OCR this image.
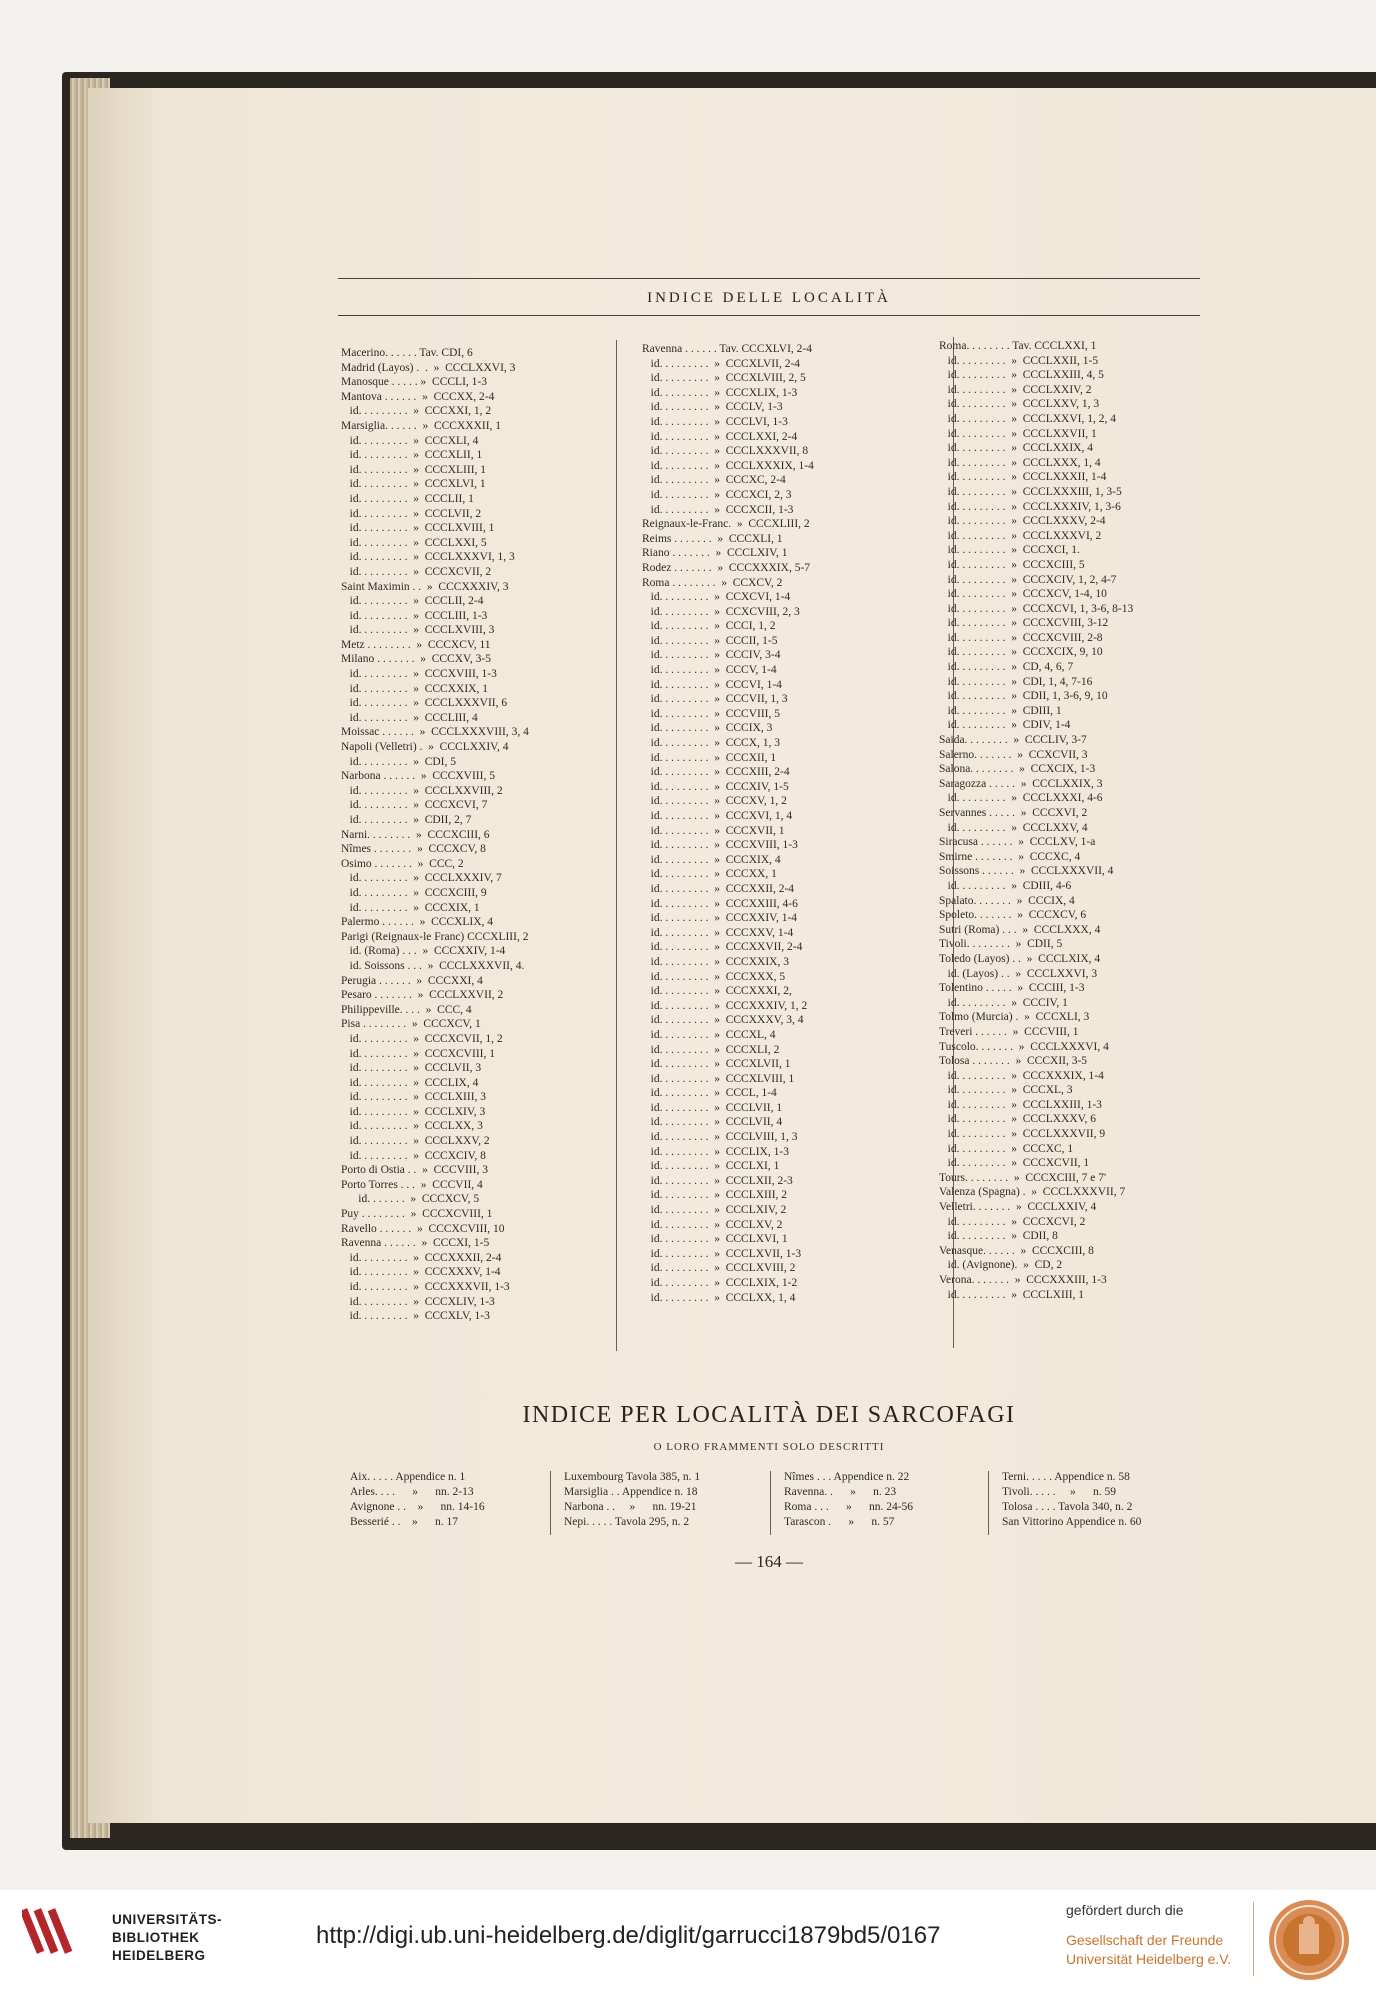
INDICE DELLE LOCALITÀ
Macerino. . . . . . Tav. CDI, 6
Madrid (Layos) .  .  »  CCCLXXVI, 3
Manosque . . . . . »  CCCLI, 1-3
Mantova . . . . . .  »  CCCXX, 2-4
id. . . . . . . . .  »  CCCXXI, 1, 2
Marsiglia. . . . . .  »  CCCXXXII, 1
id. . . . . . . . .  »  CCCXLI, 4
id. . . . . . . . .  »  CCCXLII, 1
id. . . . . . . . .  »  CCCXLIII, 1
id. . . . . . . . .  »  CCCXLVI, 1
id. . . . . . . . .  »  CCCLII, 1
id. . . . . . . . .  »  CCCLVII, 2
id. . . . . . . . .  »  CCCLXVIII, 1
id. . . . . . . . .  »  CCCLXXI, 5
id. . . . . . . . .  »  CCCLXXXVI, 1, 3
id. . . . . . . . .  »  CCCXCVII, 2
Saint Maximin . .  »  CCCXXXIV, 3
id. . . . . . . . .  »  CCCLII, 2-4
id. . . . . . . . .  »  CCCLIII, 1-3
id. . . . . . . . .  »  CCCLXVIII, 3
Metz . . . . . . . .  »  CCCXCV, 11
Milano . . . . . . .  »  CCCXV, 3-5
id. . . . . . . . .  »  CCCXVIII, 1-3
id. . . . . . . . .  »  CCCXXIX, 1
id. . . . . . . . .  »  CCCLXXXVII, 6
id. . . . . . . . .  »  CCCLIII, 4
Moissac . . . . . .  »  CCCLXXXVIII, 3, 4
Napoli (Velletri) .  »  CCCLXXIV, 4
id. . . . . . . . .  »  CDI, 5
Narbona . . . . . .  »  CCCXVIII, 5
id. . . . . . . . .  »  CCCLXXVIII, 2
id. . . . . . . . .  »  CCCXCVI, 7
id. . . . . . . . .  »  CDII, 2, 7
Narni. . . . . . . .  »  CCCXCIII, 6
Nîmes . . . . . . .  »  CCCXCV, 8
Osimo . . . . . . .  »  CCC, 2
id. . . . . . . . .  »  CCCLXXXIV, 7
id. . . . . . . . .  »  CCCXCIII, 9
id. . . . . . . . .  »  CCCXIX, 1
Palermo . . . . . .  »  CCCXLIX, 4
Parigi (Reignaux-le Franc) CCCXLIII, 2
id. (Roma) . . .  »  CCCXXIV, 1-4
id. Soissons . . .  »  CCCLXXXVII, 4.
Perugia . . . . . .  »  CCCXXI, 4
Pesaro . . . . . . .  »  CCCLXXVII, 2
Philippeville. . . .  »  CCC, 4
Pisa . . . . . . . .  »  CCCXCV, 1
id. . . . . . . . .  »  CCCXCVII, 1, 2
id. . . . . . . . .  »  CCCXCVIII, 1
id. . . . . . . . .  »  CCCLVII, 3
id. . . . . . . . .  »  CCCLIX, 4
id. . . . . . . . .  »  CCCLXIII, 3
id. . . . . . . . .  »  CCCLXIV, 3
id. . . . . . . . .  »  CCCLXX, 3
id. . . . . . . . .  »  CCCLXXV, 2
id. . . . . . . . .  »  CCCXCIV, 8
Porto di Ostia . .  »  CCCVIII, 3
Porto Torres . . .  »  CCCVII, 4
id. . . . . . .  »  CCCXCV, 5
Puy . . . . . . . .  »  CCCXCVIII, 1
Ravello . . . . . .  »  CCCXCVIII, 10
Ravenna . . . . . .  »  CCCXI, 1-5
id. . . . . . . . .  »  CCCXXXII, 2-4
id. . . . . . . . .  »  CCCXXXV, 1-4
id. . . . . . . . .  »  CCCXXXVII, 1-3
id. . . . . . . . .  »  CCCXLIV, 1-3
id. . . . . . . . .  »  CCCXLV, 1-3
Ravenna . . . . . . Tav. CCCXLVI, 2-4
id. . . . . . . . .  »  CCCXLVII, 2-4
id. . . . . . . . .  »  CCCXLVIII, 2, 5
id. . . . . . . . .  »  CCCXLIX, 1-3
id. . . . . . . . .  »  CCCLV, 1-3
id. . . . . . . . .  »  CCCLVI, 1-3
id. . . . . . . . .  »  CCCLXXI, 2-4
id. . . . . . . . .  »  CCCLXXXVII, 8
id. . . . . . . . .  »  CCCLXXXIX, 1-4
id. . . . . . . . .  »  CCCXC, 2-4
id. . . . . . . . .  »  CCCXCI, 2, 3
id. . . . . . . . .  »  CCCXCII, 1-3
Reignaux-le-Franc.  »  CCCXLIII, 2
Reims . . . . . . .  »  CCCXLI, 1
Riano . . . . . . .  »  CCCLXIV, 1
Rodez . . . . . . .  »  CCCXXXIX, 5-7
Roma . . . . . . . .  »  CCXCV, 2
id. . . . . . . . .  »  CCXCVI, 1-4
id. . . . . . . . .  »  CCXCVIII, 2, 3
id. . . . . . . . .  »  CCCI, 1, 2
id. . . . . . . . .  »  CCCII, 1-5
id. . . . . . . . .  »  CCCIV, 3-4
id. . . . . . . . .  »  CCCV, 1-4
id. . . . . . . . .  »  CCCVI, 1-4
id. . . . . . . . .  »  CCCVII, 1, 3
id. . . . . . . . .  »  CCCVIII, 5
id. . . . . . . . .  »  CCCIX, 3
id. . . . . . . . .  »  CCCX, 1, 3
id. . . . . . . . .  »  CCCXII, 1
id. . . . . . . . .  »  CCCXIII, 2-4
id. . . . . . . . .  »  CCCXIV, 1-5
id. . . . . . . . .  »  CCCXV, 1, 2
id. . . . . . . . .  »  CCCXVI, 1, 4
id. . . . . . . . .  »  CCCXVII, 1
id. . . . . . . . .  »  CCCXVIII, 1-3
id. . . . . . . . .  »  CCCXIX, 4
id. . . . . . . . .  »  CCCXX, 1
id. . . . . . . . .  »  CCCXXII, 2-4
id. . . . . . . . .  »  CCCXXIII, 4-6
id. . . . . . . . .  »  CCCXXIV, 1-4
id. . . . . . . . .  »  CCCXXV, 1-4
id. . . . . . . . .  »  CCCXXVII, 2-4
id. . . . . . . . .  »  CCCXXIX, 3
id. . . . . . . . .  »  CCCXXX, 5
id. . . . . . . . .  »  CCCXXXI, 2,
id. . . . . . . . .  »  CCCXXXIV, 1, 2
id. . . . . . . . .  »  CCCXXXV, 3, 4
id. . . . . . . . .  »  CCCXL, 4
id. . . . . . . . .  »  CCCXLI, 2
id. . . . . . . . .  »  CCCXLVII, 1
id. . . . . . . . .  »  CCCXLVIII, 1
id. . . . . . . . .  »  CCCL, 1-4
id. . . . . . . . .  »  CCCLVII, 1
id. . . . . . . . .  »  CCCLVII, 4
id. . . . . . . . .  »  CCCLVIII, 1, 3
id. . . . . . . . .  »  CCCLIX, 1-3
id. . . . . . . . .  »  CCCLXI, 1
id. . . . . . . . .  »  CCCLXII, 2-3
id. . . . . . . . .  »  CCCLXIII, 2
id. . . . . . . . .  »  CCCLXIV, 2
id. . . . . . . . .  »  CCCLXV, 2
id. . . . . . . . .  »  CCCLXVI, 1
id. . . . . . . . .  »  CCCLXVII, 1-3
id. . . . . . . . .  »  CCCLXVIII, 2
id. . . . . . . . .  »  CCCLXIX, 1-2
id. . . . . . . . .  »  CCCLXX, 1, 4
Roma. . . . . . . . Tav. CCCLXXI, 1
id. . . . . . . . .  »  CCCLXXII, 1-5
id. . . . . . . . .  »  CCCLXXIII, 4, 5
id. . . . . . . . .  »  CCCLXXIV, 2
id. . . . . . . . .  »  CCCLXXV, 1, 3
id. . . . . . . . .  »  CCCLXXVI, 1, 2, 4
id. . . . . . . . .  »  CCCLXXVII, 1
id. . . . . . . . .  »  CCCLXXIX, 4
id. . . . . . . . .  »  CCCLXXX, 1, 4
id. . . . . . . . .  »  CCCLXXXII, 1-4
id. . . . . . . . .  »  CCCLXXXIII, 1, 3-5
id. . . . . . . . .  »  CCCLXXXIV, 1, 3-6
id. . . . . . . . .  »  CCCLXXXV, 2-4
id. . . . . . . . .  »  CCCLXXXVI, 2
id. . . . . . . . .  »  CCCXCI, 1.
id. . . . . . . . .  »  CCCXCIII, 5
id. . . . . . . . .  »  CCCXCIV, 1, 2, 4-7
id. . . . . . . . .  »  CCCXCV, 1-4, 10
id. . . . . . . . .  »  CCCXCVI, 1, 3-6, 8-13
id. . . . . . . . .  »  CCCXCVIII, 3-12
id. . . . . . . . .  »  CCCXCVIII, 2-8
id. . . . . . . . .  »  CCCXCIX, 9, 10
id. . . . . . . . .  »  CD, 4, 6, 7
id. . . . . . . . .  »  CDI, 1, 4, 7-16
id. . . . . . . . .  »  CDII, 1, 3-6, 9, 10
id. . . . . . . . .  »  CDIII, 1
id. . . . . . . . .  »  CDIV, 1-4
Saida. . . . . . . .  »  CCCLIV, 3-7
Salerno. . . . . . .  »  CCXCVII, 3
Salona. . . . . . . .  »  CCXCIX, 1-3
Saragozza . . . . .  »  CCCLXXIX, 3
id. . . . . . . . .  »  CCCLXXXI, 4-6
Servannes . . . . .  »  CCCXVI, 2
id. . . . . . . . .  »  CCCLXXV, 4
Siracusa . . . . . .  »  CCCLXV, 1-a
Smirne . . . . . . .  »  CCCXC, 4
Soissons . . . . . .  »  CCCLXXXVII, 4
id. . . . . . . . .  »  CDIII, 4-6
Spalato. . . . . . .  »  CCCIX, 4
Spoleto. . . . . . .  »  CCCXCV, 6
Sutri (Roma) . . .  »  CCCLXXX, 4
Tivoli. . . . . . . .  »  CDII, 5
Toledo (Layos) . .  »  CCCLXIX, 4
id. (Layos) . .  »  CCCLXXVI, 3
Tolentino . . . . .  »  CCCIII, 1-3
id. . . . . . . . .  »  CCCIV, 1
Tolmo (Murcia) .  »  CCCXLI, 3
Treveri . . . . . .  »  CCCVIII, 1
Tuscolo. . . . . . .  »  CCCLXXXVI, 4
Tolosa . . . . . . .  »  CCCXII, 3-5
id. . . . . . . . .  »  CCCXXXIX, 1-4
id. . . . . . . . .  »  CCCXL, 3
id. . . . . . . . .  »  CCCLXXIII, 1-3
id. . . . . . . . .  »  CCCLXXXV, 6
id. . . . . . . . .  »  CCCLXXXVII, 9
id. . . . . . . . .  »  CCCXC, 1
id. . . . . . . . .  »  CCCXCVII, 1
Tours. . . . . . . .  »  CCCXCIII, 7 e 7'
Valenza (Spagna) .  »  CCCLXXXVII, 7
Velletri. . . . . . .  »  CCCLXXIV, 4
id. . . . . . . . .  »  CCCXCVI, 2
id. . . . . . . . .  »  CDII, 8
Venasque. . . . . .  »  CCCXCIII, 8
id. (Avignone).  »  CD, 2
Verona. . . . . . .  »  CCCXXXIII, 1-3
id. . . . . . . . .  »  CCCLXIII, 1
INDICE PER LOCALITÀ DEI SARCOFAGI
O LORO FRAMMENTI SOLO DESCRITTI
Aix. . . . . Appendice n. 1
Arles. . . .      »      nn. 2-13
Avignone . .    »      nn. 14-16
Besserié . .    »      n. 17
Luxembourg Tavola 385, n. 1
Marsiglia . . Appendice n. 18
Narbona . .     »      nn. 19-21
Nepi. . . . . Tavola 295, n. 2
Nîmes . . . Appendice n. 22
Ravenna. .      »      n. 23
Roma . . .      »      nn. 24-56
Tarascon .      »      n. 57
Terni. . . . . Appendice n. 58
Tivoli. . . . .     »      n. 59
Tolosa . . . . Tavola 340, n. 2
San Vittorino Appendice n. 60
— 164 —
UNIVERSITÄTS-
BIBLIOTHEK
HEIDELBERG
http://digi.ub.uni-heidelberg.de/diglit/garrucci1879bd5/0167
gefördert durch die
Gesellschaft der Freunde
Universität Heidelberg e.V.
